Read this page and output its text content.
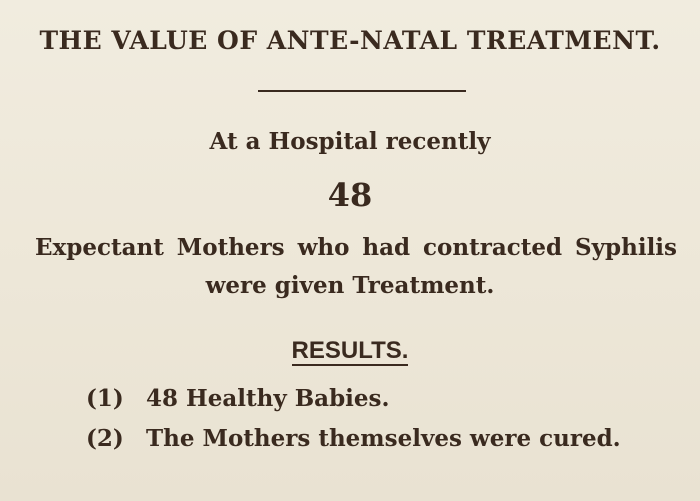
THE VALUE OF ANTE-NATAL TREATMENT.
At a Hospital recently
48
Expectant Mothers who had contracted Syphilis
were given Treatment.
RESULTS.
(1) 48 Healthy Babies.
(2) The Mothers themselves were cured.
